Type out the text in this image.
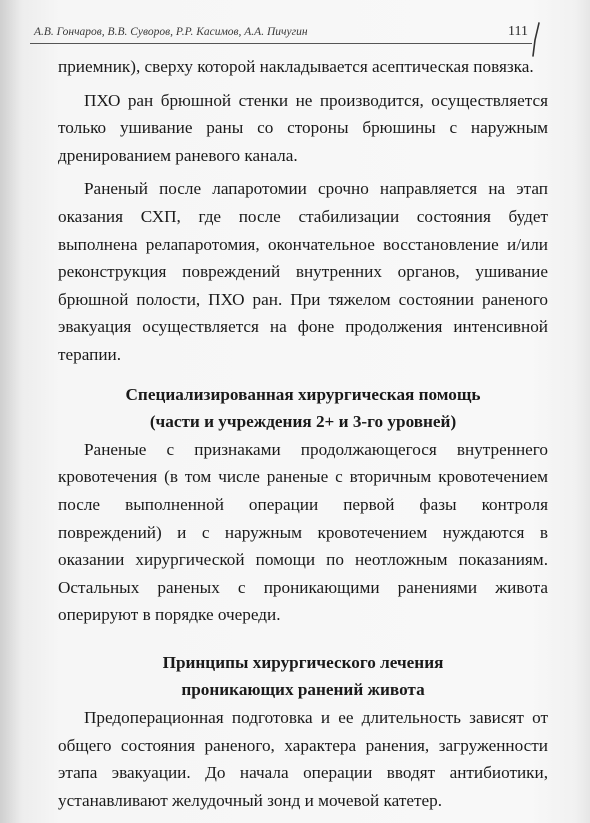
А.В. Гончаров, В.В. Суворов, Р.Р. Касимов, А.А. Пичугин	111

приемник), сверху которой накладывается асептическая повязка.

ПХО ран брюшной стенки не производится, осуществляется только ушивание раны со стороны брюшины с наружным дренированием раневого канала.

Раненый после лапаротомии срочно направляется на этап оказания СХП, где после стабилизации состояния будет выполнена релапаротомия, окончательное восстановление и/или реконструкция повреждений внутренних органов, ушивание брюшной полости, ПХО ран. При тяжелом состоянии раненого эвакуация осуществляется на фоне продолжения интенсивной терапии.

Специализированная хирургическая помощь

(части и учреждения 2+ и 3-го уровней)

Раненые с признаками продолжающегося внутреннего кровотечения (в том числе раненые с вторичным кровотечением после выполненной операции первой фазы контроля повреждений) и с наружным кровотечением нуждаются в оказании хирургической помощи по неотложным показаниям. Остальных раненых с проникающими ранениями живота оперируют в порядке очереди.

Принципы хирургического лечения

проникающих ранений живота

Предоперационная подготовка и ее длительность зависят от общего состояния раненого, характера ранения, загруженности этапа эвакуации. До начала операции вводят антибиотики, устанавливают желудочный зонд и мочевой катетер.
